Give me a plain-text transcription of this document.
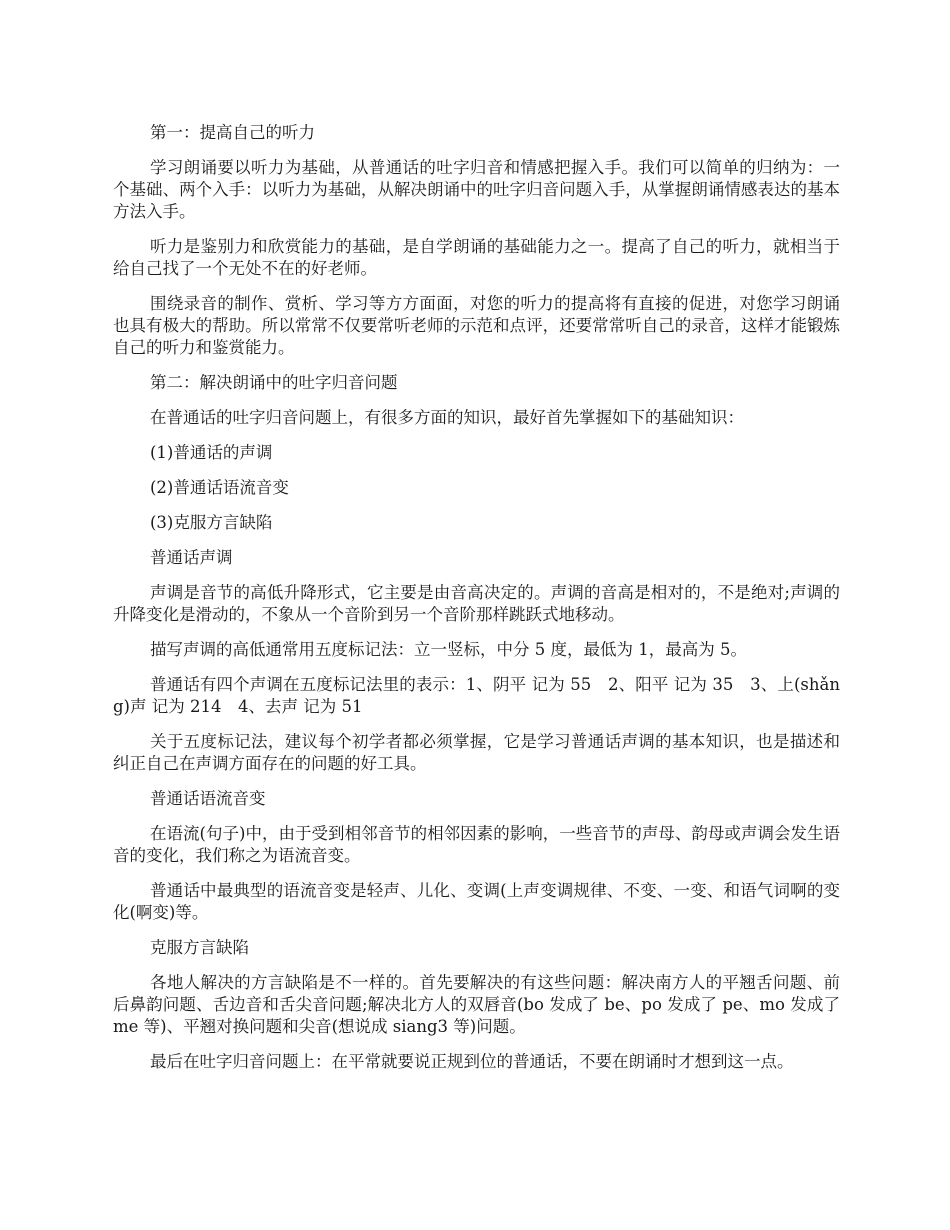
第一：提高自己的听力

学习朗诵要以听力为基础，从普通话的吐字归音和情感把握入手。我们可以简单的归纳为：一个基础、两个入手：以听力为基础，从解决朗诵中的吐字归音问题入手，从掌握朗诵情感表达的基本方法入手。

听力是鉴别力和欣赏能力的基础，是自学朗诵的基础能力之一。提高了自己的听力，就相当于给自己找了一个无处不在的好老师。

围绕录音的制作、赏析、学习等方方面面，对您的听力的提高将有直接的促进，对您学习朗诵也具有极大的帮助。所以常常不仅要常听老师的示范和点评，还要常常听自己的录音，这样才能锻炼自己的听力和鉴赏能力。

第二：解决朗诵中的吐字归音问题

在普通话的吐字归音问题上，有很多方面的知识，最好首先掌握如下的基础知识：

(1)普通话的声调

(2)普通话语流音变

(3)克服方言缺陷

普通话声调

声调是音节的高低升降形式，它主要是由音高决定的。声调的音高是相对的，不是绝对;声调的升降变化是滑动的，不象从一个音阶到另一个音阶那样跳跃式地移动。

描写声调的高低通常用五度标记法：立一竖标，中分 5 度，最低为 1，最高为 5。

普通话有四个声调在五度标记法里的表示：1、阴平 记为 55　2、阳平 记为 35　3、上(shǎng)声 记为 214　4、去声 记为 51

关于五度标记法，建议每个初学者都必须掌握，它是学习普通话声调的基本知识，也是描述和纠正自己在声调方面存在的问题的好工具。

普通话语流音变

在语流(句子)中，由于受到相邻音节的相邻因素的影响，一些音节的声母、韵母或声调会发生语音的变化，我们称之为语流音变。

普通话中最典型的语流音变是轻声、儿化、变调(上声变调规律、不变、一变、和语气词啊的变化(啊变)等。

克服方言缺陷

各地人解决的方言缺陷是不一样的。首先要解决的有这些问题：解决南方人的平翘舌问题、前后鼻韵问题、舌边音和舌尖音问题;解决北方人的双唇音(bo 发成了 be、po 发成了 pe、mo 发成了 me 等)、平翘对换问题和尖音(想说成 siang3 等)问题。

最后在吐字归音问题上：在平常就要说正规到位的普通话，不要在朗诵时才想到这一点。
